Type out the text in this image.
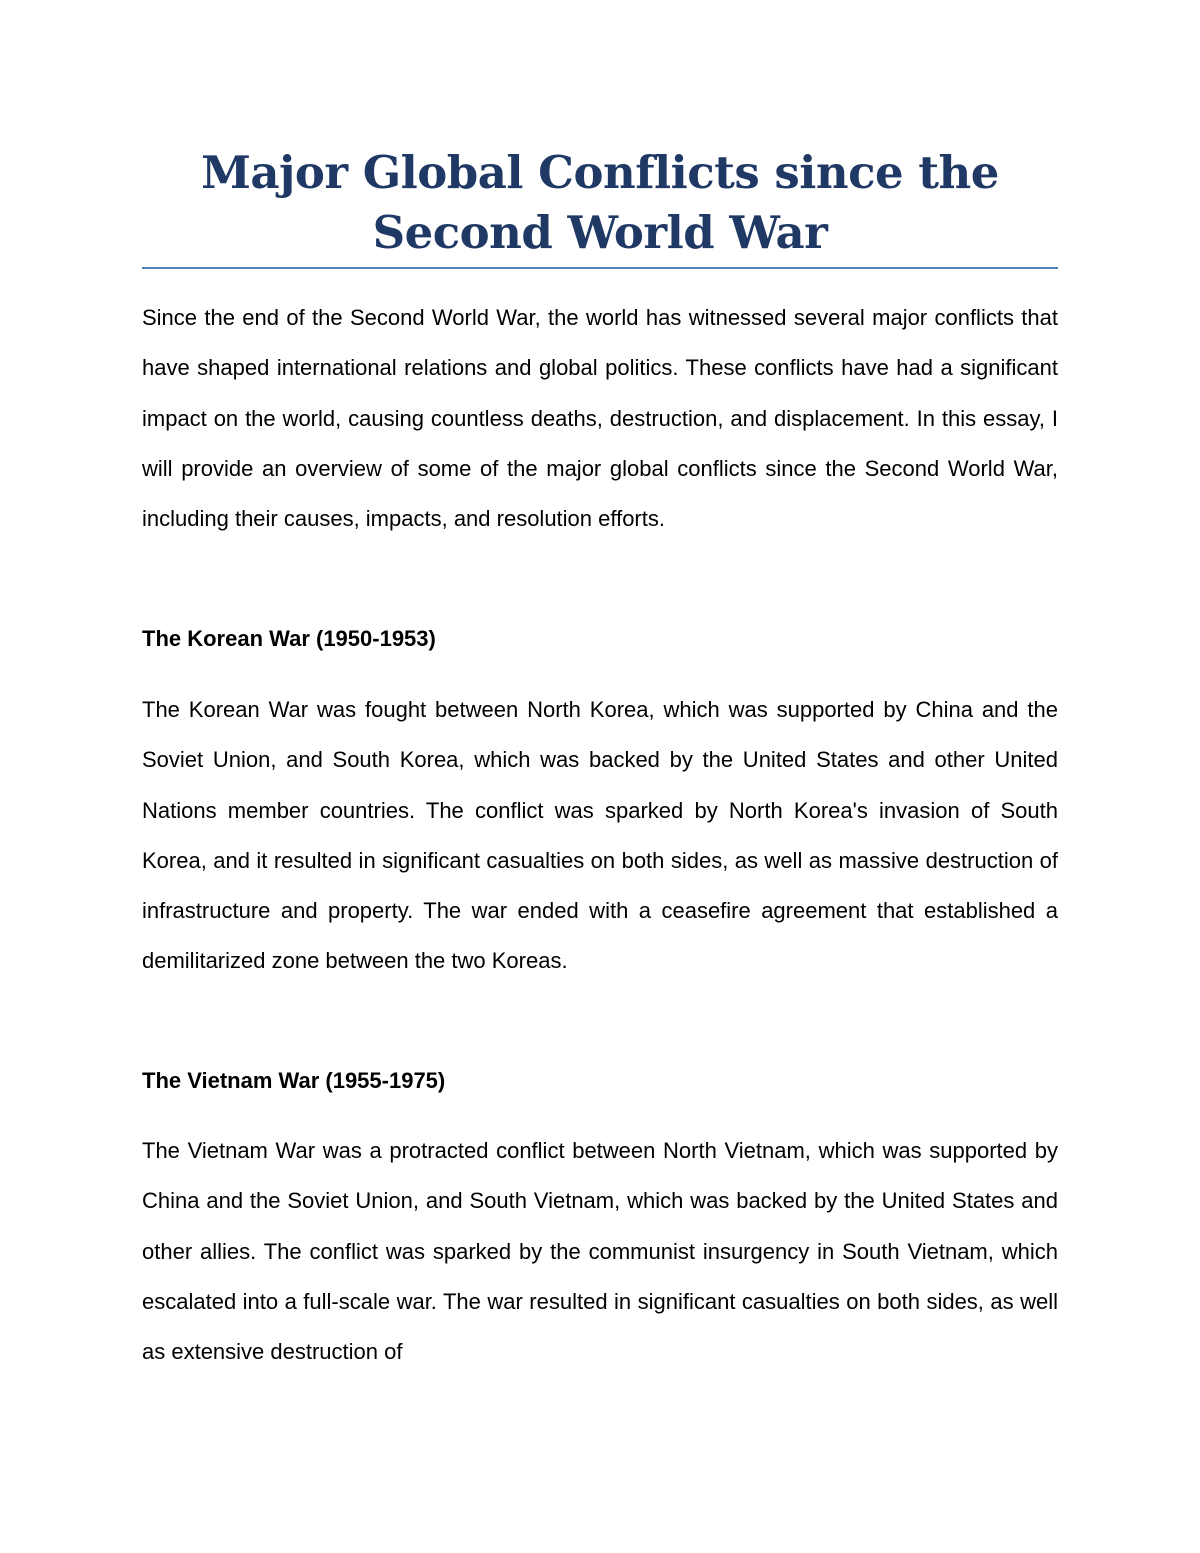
Major Global Conflicts since the Second World War

Since the end of the Second World War, the world has witnessed several major conflicts that have shaped international relations and global politics. These conflicts have had a significant impact on the world, causing countless deaths, destruction, and displacement. In this essay, I will provide an overview of some of the major global conflicts since the Second World War, including their causes, impacts, and resolution efforts.

The Korean War (1950-1953)

The Korean War was fought between North Korea, which was supported by China and the Soviet Union, and South Korea, which was backed by the United States and other United Nations member countries. The conflict was sparked by North Korea's invasion of South Korea, and it resulted in significant casualties on both sides, as well as massive destruction of infrastructure and property. The war ended with a ceasefire agreement that established a demilitarized zone between the two Koreas.

The Vietnam War (1955-1975)

The Vietnam War was a protracted conflict between North Vietnam, which was supported by China and the Soviet Union, and South Vietnam, which was backed by the United States and other allies. The conflict was sparked by the communist insurgency in South Vietnam, which escalated into a full-scale war. The war resulted in significant casualties on both sides, as well as extensive destruction of
